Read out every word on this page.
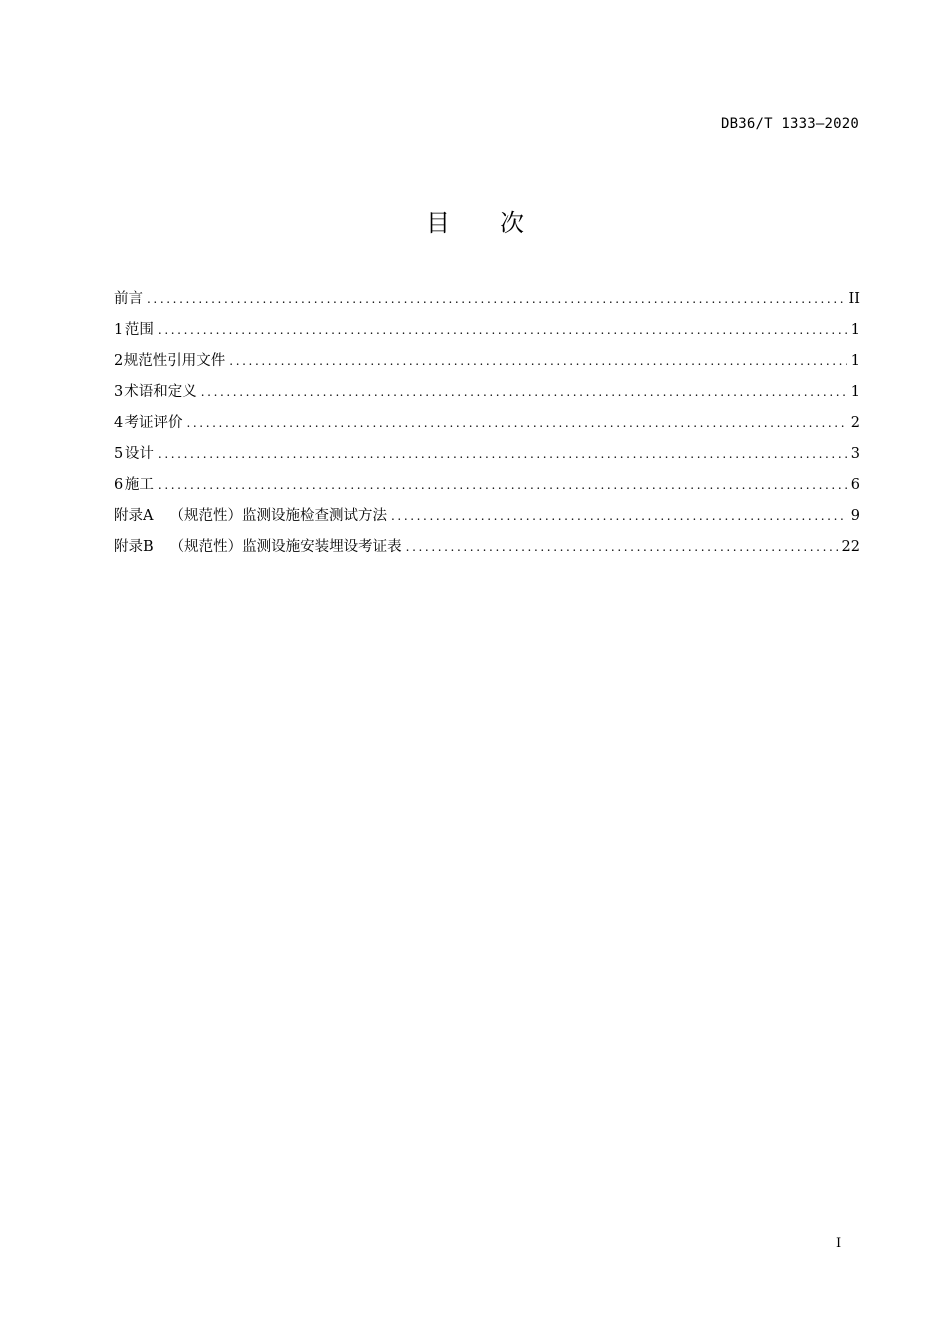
DB36/T 1333—2020
目 次
前言 .....	II
1 范围 .....	1
2 规范性引用文件 .....	1
3 术语和定义 .....	1
4 考证评价 .....	2
5 设计 .....	3
6 施工 .....	6
附录A （规范性）监测设施检查测试方法 .....	9
附录B （规范性）监测设施安装埋设考证表 .....	22
I
